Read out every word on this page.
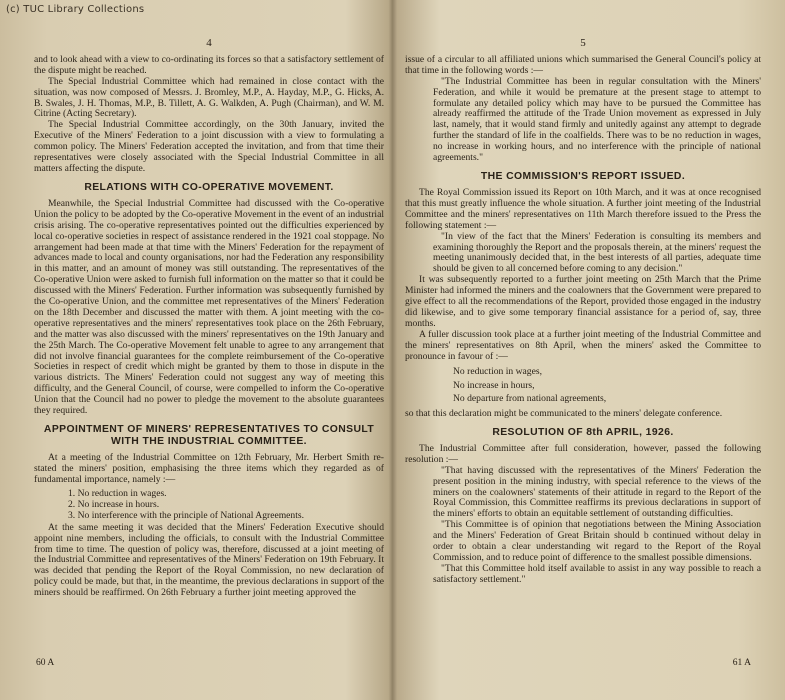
(c) TUC Library Collections
4

and to look ahead with a view to co-ordinating its forces so that a satisfactory settlement of the dispute might be reached.

The Special Industrial Committee which had remained in close contact with the situation, was now composed of Messrs. J. Bromley, M.P., A. Hayday, M.P., G. Hicks, A. B. Swales, J. H. Thomas, M.P., B. Tillett, A. G. Walkden, A. Pugh (Chairman), and W. M. Citrine (Acting Secretary).

The Special Industrial Committee accordingly, on the 30th January, invited the Executive of the Miners' Federation to a joint discussion with a view to formulating a common policy. The Miners' Federation accepted the invitation, and from that time their representatives were closely associated with the Special Industrial Committee in all matters affecting the dispute.

RELATIONS WITH CO-OPERATIVE MOVEMENT.

Meanwhile, the Special Industrial Committee had discussed with the Co-operative Union the policy to be adopted by the Co-operative Movement in the event of an industrial crisis arising. The co-operative representatives pointed out the difficulties experienced by local co-operative societies in respect of assistance rendered in the 1921 coal stoppage. No arrangement had been made at that time with the Miners' Federation for the repayment of advances made to local and county organisations, nor had the Federation any responsibility in this matter, and an amount of money was still outstanding. The representatives of the Co-operative Union were asked to furnish full information on the matter so that it could be discussed with the Miners' Federation. Further information was subsequently furnished by the Co-operative Union, and the committee met representatives of the Miners' Federation on the 18th December and discussed the matter with them. A joint meeting with the co-operative representatives and the miners' representatives took place on the 26th February, and the matter was also discussed with the miners' representatives on the 19th January and the 25th March. The Co-operative Movement felt unable to agree to any arrangement that did not involve financial guarantees for the complete reimbursement of the Co-operative Societies in respect of credit which might be granted by them to those in dispute in the various districts. The Miners' Federation could not suggest any way of meeting this difficulty, and the General Council, of course, were compelled to inform the Co-operative Union that the Council had no power to pledge the movement to the absolute guarantees they required.

APPOINTMENT OF MINERS' REPRESENTATIVES TO CONSULT WITH THE INDUSTRIAL COMMITTEE.

At a meeting of the Industrial Committee on 12th February, Mr. Herbert Smith re-stated the miners' position, emphasising the three items which they regarded as of fundamental importance, namely :—

1. No reduction in wages.
2. No increase in hours.
3. No interference with the principle of National Agreements.

At the same meeting it was decided that the Miners' Federation Executive should appoint nine members, including the officials, to consult with the Industrial Committee from time to time. The question of policy was, therefore, discussed at a joint meeting of the Industrial Committee and representatives of the Miners' Federation on 19th February. It was decided that pending the Report of the Royal Commission, no new declaration of policy could be made, but that, in the meantime, the previous declarations in support of the miners should be reaffirmed. On 26th February a further joint meeting approved the

60 A
5

issue of a circular to all affiliated unions which summarised the General Council's policy at that time in the following words :—

"The Industrial Committee has been in regular consultation with the Miners' Federation, and while it would be premature at the present stage to attempt to formulate any detailed policy which may have to be pursued the Committee has already reaffirmed the attitude of the Trade Union movement as expressed in July last, namely, that it would stand firmly and unitedly against any attempt to degrade further the standard of life in the coalfields. There was to be no reduction in wages, no increase in working hours, and no interference with the principle of national agreements."

THE COMMISSION'S REPORT ISSUED.

The Royal Commission issued its Report on 10th March, and it was at once recognised that this must greatly influence the whole situation. A further joint meeting of the Industrial Committee and the miners' representatives on 11th March therefore issued to the Press the following statement :—

"In view of the fact that the Miners' Federation is consulting its members and examining thoroughly the Report and the proposals therein, at the miners' request the meeting unanimously decided that, in the best interests of all parties, adequate time should be given to all concerned before coming to any decision."

It was subsequently reported to a further joint meeting on 25th March that the Prime Minister had informed the miners and the coalowners that the Government were prepared to give effect to all the recommendations of the Report, provided those engaged in the industry did likewise, and to give some temporary financial assistance for a period of, say, three months.

A fuller discussion took place at a further joint meeting of the Industrial Committee and the miners' representatives on 8th April, when the miners' asked the Committee to pronounce in favour of :—

No reduction in wages,
No increase in hours,
No departure from national agreements,

so that this declaration might be communicated to the miners' delegate conference.

RESOLUTION OF 8th APRIL, 1926.

The Industrial Committee after full consideration, however, passed the following resolution :—

"That having discussed with the representatives of the Miners' Federation the present position in the mining industry, with special reference to the views of the miners on the coalowners' statements of their attitude in regard to the Report of the Royal Commission, this Committee reaffirms its previous declarations in support of the miners' efforts to obtain an equitable settlement of outstanding difficulties.

"This Committee is of opinion that negotiations between the Mining Association and the Miners' Federation of Great Britain should b continued without delay in order to obtain a clear understanding wit regard to the Report of the Royal Commission, and to reduce point of difference to the smallest possible dimensions.

"That this Committee hold itself available to assist in any way possible to reach a satisfactory settlement."

61 A
